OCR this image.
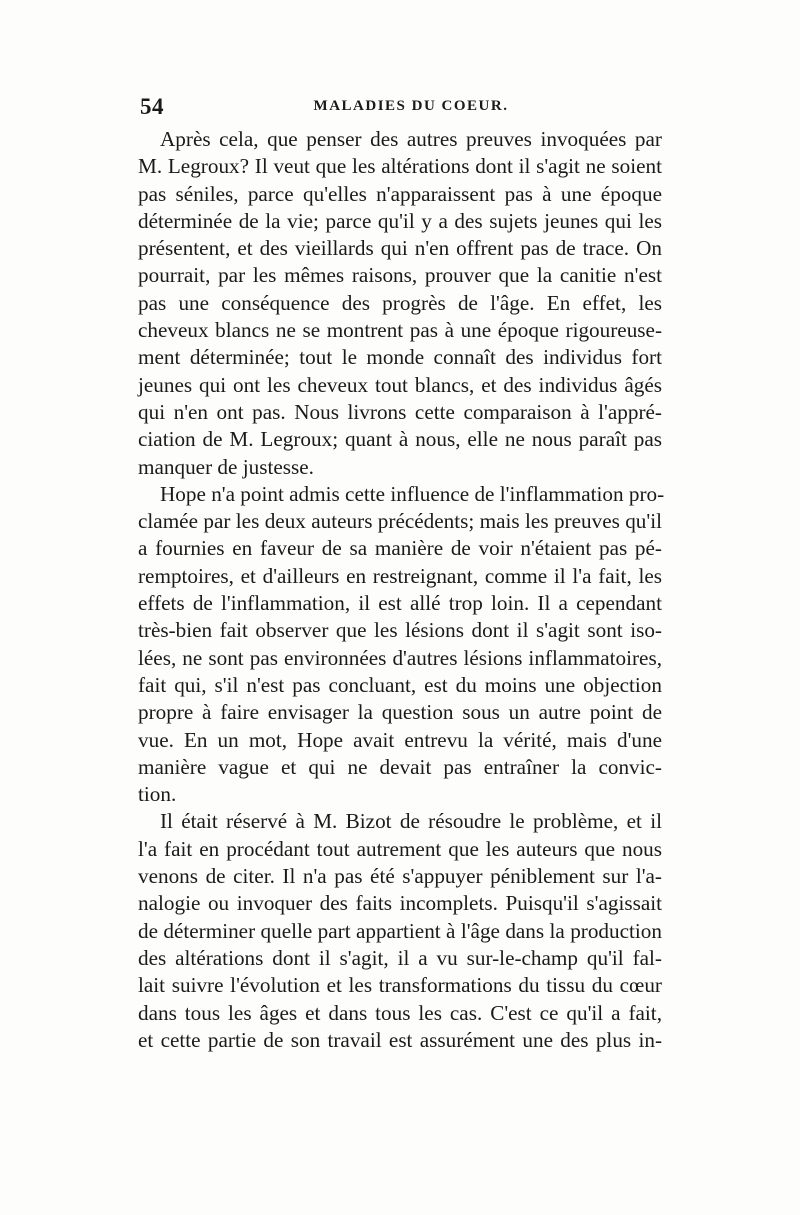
54	MALADIES DU COEUR.
Après cela, que penser des autres preuves invoquées par
M. Legroux? Il veut que les altérations dont il s'agit ne soient
pas séniles, parce qu'elles n'apparaissent pas à une époque
déterminée de la vie; parce qu'il y a des sujets jeunes qui les
présentent, et des vieillards qui n'en offrent pas de trace. On
pourrait, par les mêmes raisons, prouver que la canitie n'est
pas une conséquence des progrès de l'âge. En effet, les
cheveux blancs ne se montrent pas à une époque rigoureuse-
ment déterminée; tout le monde connaît des individus fort
jeunes qui ont les cheveux tout blancs, et des individus âgés
qui n'en ont pas. Nous livrons cette comparaison à l'appré-
ciation de M. Legroux; quant à nous, elle ne nous paraît pas
manquer de justesse.
Hope n'a point admis cette influence de l'inflammation pro-
clamée par les deux auteurs précédents; mais les preuves qu'il
a fournies en faveur de sa manière de voir n'étaient pas pé-
remptoires, et d'ailleurs en restreignant, comme il l'a fait, les
effets de l'inflammation, il est allé trop loin. Il a cependant
très-bien fait observer que les lésions dont il s'agit sont iso-
lées, ne sont pas environnées d'autres lésions inflammatoires,
fait qui, s'il n'est pas concluant, est du moins une objection
propre à faire envisager la question sous un autre point de
vue. En un mot, Hope avait entrevu la vérité, mais d'une
manière vague et qui ne devait pas entraîner la convic-
tion.
Il était réservé à M. Bizot de résoudre le problème, et il
l'a fait en procédant tout autrement que les auteurs que nous
venons de citer. Il n'a pas été s'appuyer péniblement sur l'a-
nalogie ou invoquer des faits incomplets. Puisqu'il s'agissait
de déterminer quelle part appartient à l'âge dans la production
des altérations dont il s'agit, il a vu sur-le-champ qu'il fal-
lait suivre l'évolution et les transformations du tissu du cœur
dans tous les âges et dans tous les cas. C'est ce qu'il a fait,
et cette partie de son travail est assurément une des plus in-
